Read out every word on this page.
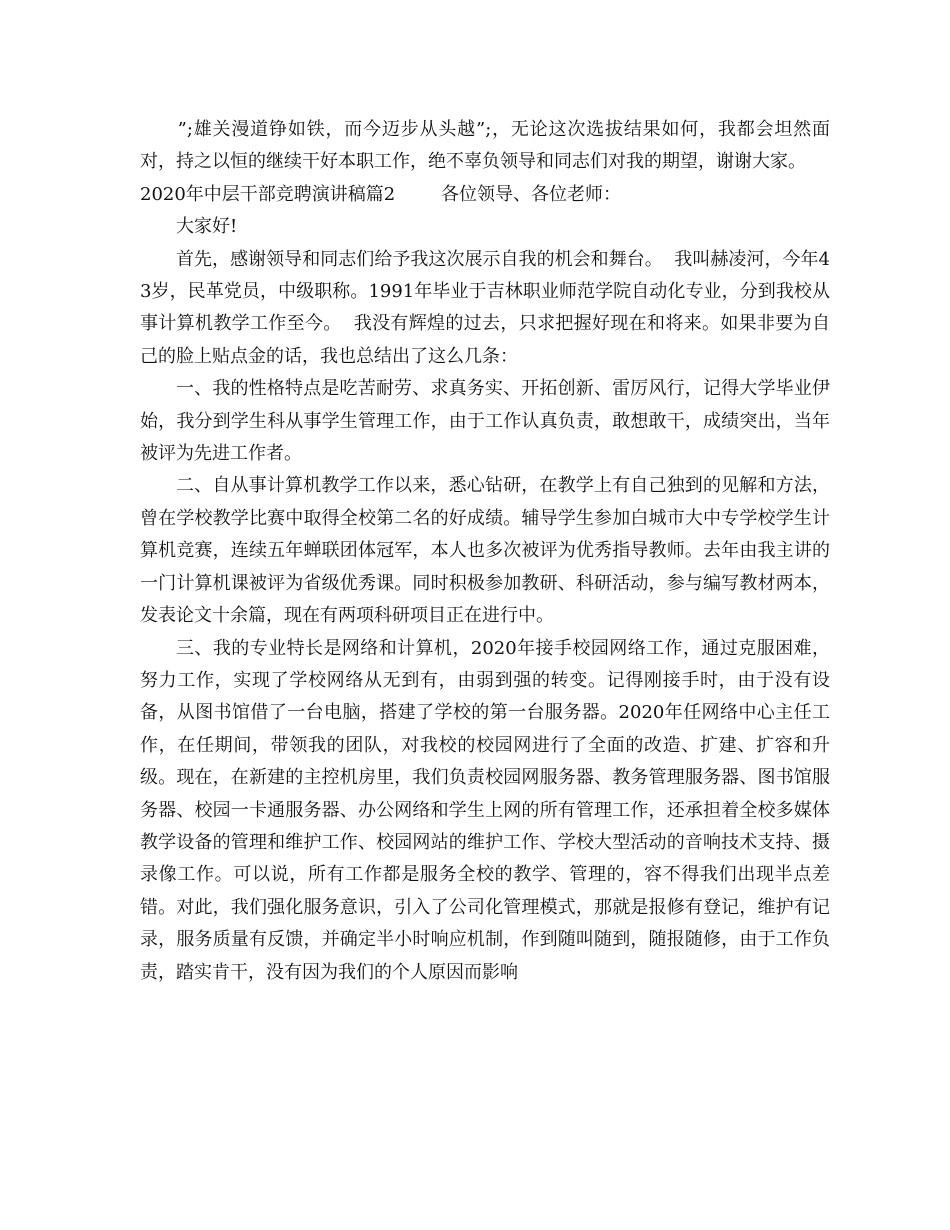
　　”;雄关漫道铮如铁，而今迈步从头越”;，无论这次选拔结果如何，我都会坦然面对，持之以恒的继续干好本职工作，绝不辜负领导和同志们对我的期望，谢谢大家。

2020年中层干部竞聘演讲稿篇2        各位领导、各位老师：

大家好!

首先，感谢领导和同志们给予我这次展示自我的机会和舞台。  我叫赫凌河，今年43岁，民革党员，中级职称。1991年毕业于吉林职业师范学院自动化专业，分到我校从事计算机教学工作至今。  我没有辉煌的过去，只求把握好现在和将来。如果非要为自己的脸上贴点金的话，我也总结出了这么几条：

一、我的性格特点是吃苦耐劳、求真务实、开拓创新、雷厉风行，记得大学毕业伊始，我分到学生科从事学生管理工作，由于工作认真负责，敢想敢干，成绩突出，当年被评为先进工作者。

二、自从事计算机教学工作以来，悉心钻研，在教学上有自己独到的见解和方法，曾在学校教学比赛中取得全校第二名的好成绩。辅导学生参加白城市大中专学校学生计算机竞赛，连续五年蝉联团体冠军，本人也多次被评为优秀指导教师。去年由我主讲的一门计算机课被评为省级优秀课。同时积极参加教研、科研活动，参与编写教材两本，发表论文十余篇，现在有两项科研项目正在进行中。

三、我的专业特长是网络和计算机，2020年接手校园网络工作，通过克服困难，努力工作，实现了学校网络从无到有，由弱到强的转变。记得刚接手时，由于没有设备，从图书馆借了一台电脑，搭建了学校的第一台服务器。2020年任网络中心主任工作，在任期间，带领我的团队，对我校的校园网进行了全面的改造、扩建、扩容和升级。现在，在新建的主控机房里，我们负责校园网服务器、教务管理服务器、图书馆服务器、校园一卡通服务器、办公网络和学生上网的所有管理工作，还承担着全校多媒体教学设备的管理和维护工作、校园网站的维护工作、学校大型活动的音响技术支持、摄录像工作。可以说，所有工作都是服务全校的教学、管理的，容不得我们出现半点差错。对此，我们强化服务意识，引入了公司化管理模式，那就是报修有登记，维护有记录，服务质量有反馈，并确定半小时响应机制，作到随叫随到，随报随修，由于工作负责，踏实肯干，没有因为我们的个人原因而影响
